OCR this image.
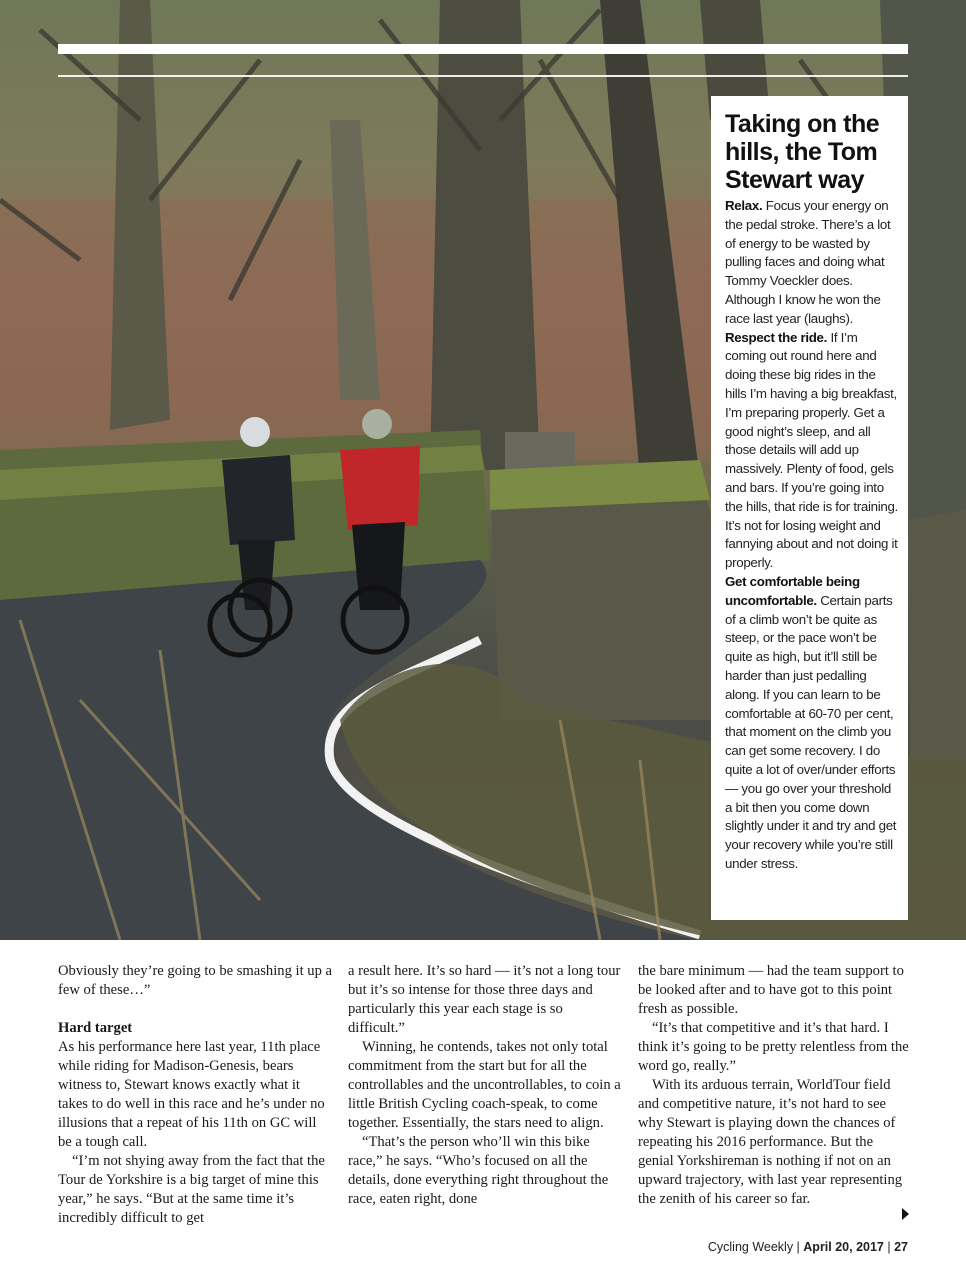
Taking on the hills, the Tom Stewart way
Relax. Focus your energy on the pedal stroke. There’s a lot of energy to be wasted by pulling faces and doing what Tommy Voeckler does. Although I know he won the race last year (laughs).
Respect the ride. If I’m coming out round here and doing these big rides in the hills I’m having a big breakfast, I’m preparing properly. Get a good night’s sleep, and all those details will add up massively. Plenty of food, gels and bars. If you’re going into the hills, that ride is for training. It’s not for losing weight and fannying about and not doing it properly.
Get comfortable being uncomfortable. Certain parts of a climb won’t be quite as steep, or the pace won’t be quite as high, but it’ll still be harder than just pedalling along. If you can learn to be comfortable at 60-70 per cent, that moment on the climb you can get some recovery. I do quite a lot of over/under efforts — you go over your threshold a bit then you come down slightly under it and try and get your recovery while you’re still under stress.

Obviously they’re going to be smashing it up a few of these…”

Hard target

As his performance here last year, 11th place while riding for Madison-Genesis, bears witness to, Stewart knows exactly what it takes to do well in this race and he’s under no illusions that a repeat of his 11th on GC will be a tough call.

“I’m not shying away from the fact that the Tour de Yorkshire is a big target of mine this year,” he says. “But at the same time it’s incredibly difficult to get

a result here. It’s so hard — it’s not a long tour but it’s so intense for those three days and particularly this year each stage is so difficult.”

Winning, he contends, takes not only total commitment from the start but for all the controllables and the uncontrollables, to coin a little British Cycling coach-speak, to come together. Essentially, the stars need to align.

“That’s the person who’ll win this bike race,” he says. “Who’s focused on all the details, done everything right throughout the race, eaten right, done

the bare minimum — had the team support to be looked after and to have got to this point fresh as possible.

“It’s that competitive and it’s that hard. I think it’s going to be pretty relentless from the word go, really.”

With its arduous terrain, WorldTour field and competitive nature, it’s not hard to see why Stewart is playing down the chances of repeating his 2016 performance. But the genial Yorkshireman is nothing if not on an upward trajectory, with last year representing the zenith of his career so far.

Cycling Weekly | April 20, 2017 | 27
